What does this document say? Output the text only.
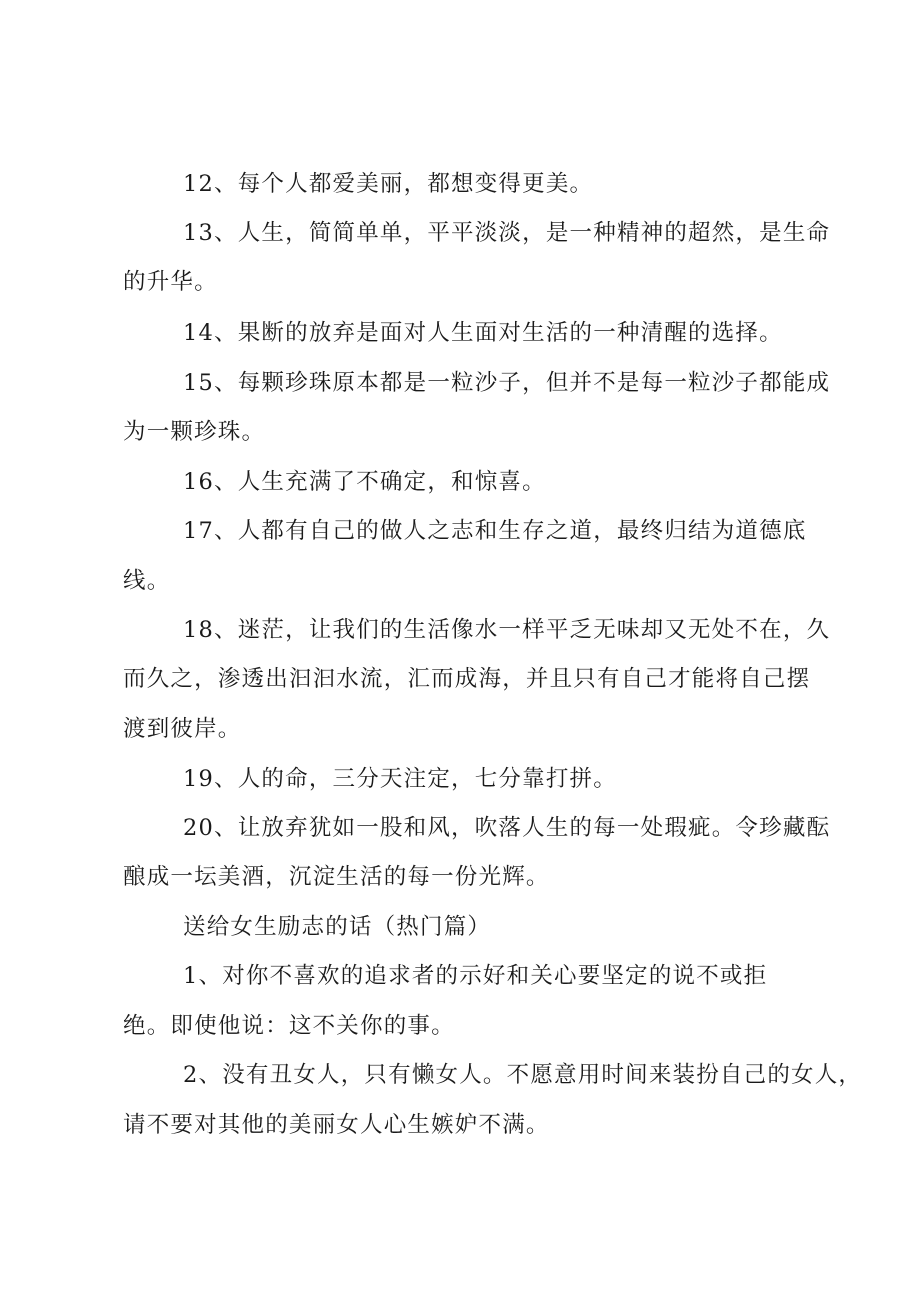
12、每个人都爱美丽，都想变得更美。
13、人生，简简单单，平平淡淡，是一种精神的超然，是生命
的升华。
14、果断的放弃是面对人生面对生活的一种清醒的选择。
15、每颗珍珠原本都是一粒沙子，但并不是每一粒沙子都能成
为一颗珍珠。
16、人生充满了不确定，和惊喜。
17、人都有自己的做人之志和生存之道，最终归结为道德底
线。
18、迷茫，让我们的生活像水一样平乏无味却又无处不在，久
而久之，渗透出汩汩水流，汇而成海，并且只有自己才能将自己摆
渡到彼岸。
19、人的命，三分天注定，七分靠打拼。
20、让放弃犹如一股和风，吹落人生的每一处瑕疵。令珍藏酝
酿成一坛美酒，沉淀生活的每一份光辉。
送给女生励志的话（热门篇）
1、对你不喜欢的追求者的示好和关心要坚定的说不或拒
绝。即使他说：这不关你的事。
2、没有丑女人，只有懒女人。不愿意用时间来装扮自己的女人，
请不要对其他的美丽女人心生嫉妒不满。
